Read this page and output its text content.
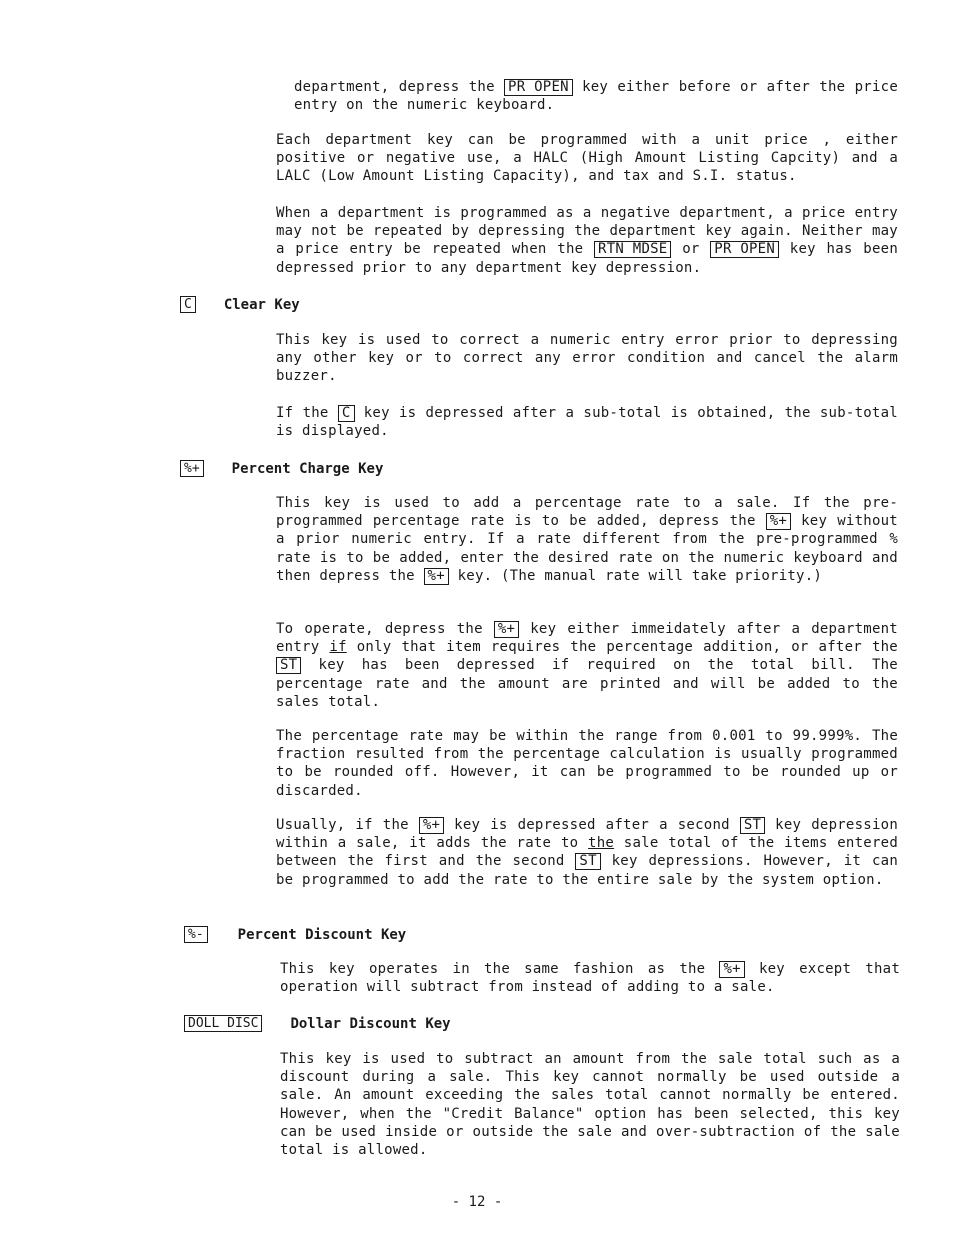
department, depress the PR OPEN key either before or after the price entry on the numeric keyboard.

Each department key can be programmed with a unit price , either positive or negative use, a HALC (High Amount Listing Capcity) and a LALC (Low Amount Listing Capacity), and tax and S.I. status.

When a department is programmed as a negative department, a price entry may not be repeated by depressing the department key again. Neither may a price entry be repeated when the RTN MDSE or PR OPEN key has been depressed prior to any department key depression.

C Clear Key

This key is used to correct a numeric entry error prior to depressing any other key or to correct any error condition and cancel the alarm buzzer.

If the C key is depressed after a sub-total is obtained, the sub-total is displayed.

%+ Percent Charge Key

This key is used to add a percentage rate to a sale. If the pre-programmed percentage rate is to be added, depress the %+ key without a prior numeric entry. If a rate different from the pre-programmed % rate is to be added, enter the desired rate on the numeric keyboard and then depress the %+ key. (The manual rate will take priority.)

To operate, depress the %+ key either immeidately after a department entry if only that item requires the percentage addition, or after the ST key has been depressed if required on the total bill. The percentage rate and the amount are printed and will be added to the sales total.

The percentage rate may be within the range from 0.001 to 99.999%. The fraction resulted from the percentage calculation is usually programmed to be rounded off. However, it can be programmed to be rounded up or discarded.

Usually, if the %+ key is depressed after a second ST key depression within a sale, it adds the rate to the sale total of the items entered between the first and the second ST key depressions. However, it can be programmed to add the rate to the entire sale by the system option.

%- Percent Discount Key

This key operates in the same fashion as the %+ key except that operation will subtract from instead of adding to a sale.

DOLL DISC Dollar Discount Key

This key is used to subtract an amount from the sale total such as a discount during a sale. This key cannot normally be used outside a sale. An amount exceeding the sales total cannot normally be entered. However, when the "Credit Balance" option has been selected, this key can be used inside or outside the sale and over-subtraction of the sale total is allowed.

- 12 -
